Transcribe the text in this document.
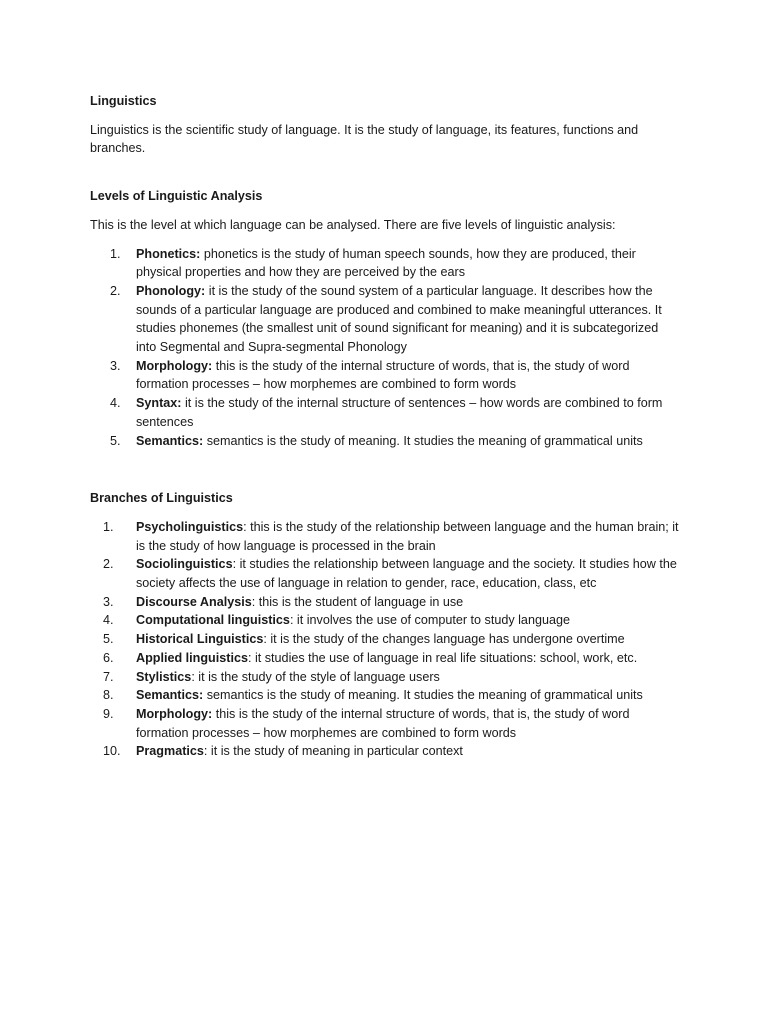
Linguistics

Linguistics is the scientific study of language. It is the study of language, its features, functions and branches.

Levels of Linguistic Analysis

This is the level at which language can be analysed. There are five levels of linguistic analysis:

1. Phonetics: phonetics is the study of human speech sounds, how they are produced, their physical properties and how they are perceived by the ears
2. Phonology: it is the study of the sound system of a particular language. It describes how the sounds of a particular language are produced and combined to make meaningful utterances. It studies phonemes (the smallest unit of sound significant for meaning) and it is subcategorized into Segmental and Supra-segmental Phonology
3. Morphology: this is the study of the internal structure of words, that is, the study of word formation processes – how morphemes are combined to form words
4. Syntax: it is the study of the internal structure of sentences – how words are combined to form sentences
5. Semantics: semantics is the study of meaning. It studies the meaning of grammatical units

Branches of Linguistics

1. Psycholinguistics: this is the study of the relationship between language and the human brain; it is the study of how language is processed in the brain
2. Sociolinguistics: it studies the relationship between language and the society. It studies how the society affects the use of language in relation to gender, race, education, class, etc
3. Discourse Analysis: this is the student of language in use
4. Computational linguistics: it involves the use of computer to study language
5. Historical Linguistics: it is the study of the changes language has undergone overtime
6. Applied linguistics: it studies the use of language in real life situations: school, work, etc.
7. Stylistics: it is the study of the style of language users
8. Semantics: semantics is the study of meaning. It studies the meaning of grammatical units
9. Morphology: this is the study of the internal structure of words, that is, the study of word formation processes – how morphemes are combined to form words
10. Pragmatics: it is the study of meaning in particular context
